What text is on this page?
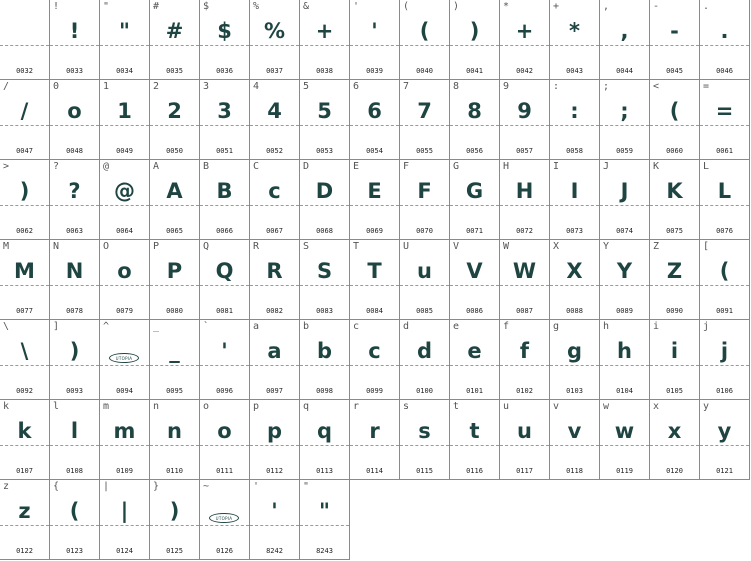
0032
!
!
0033
"
"
0034
#
#
0035
$
$
0036
%
%
0037
&
+
0038
'
'
0039
(
(
0040
)
)
0041
*
+
0042
+
*
0043
,
,
0044
-
-
0045
.
.
0046
/
/
0047
0
o
0048
1
1
0049
2
2
0050
3
3
0051
4
4
0052
5
5
0053
6
6
0054
7
7
0055
8
8
0056
9
9
0057
:
:
0058
;
;
0059
<
(
0060
=
=
0061
>
)
0062
?
?
0063
@
@
0064
A
A
0065
B
B
0066
C
c
0067
D
D
0068
E
E
0069
F
F
0070
G
G
0071
H
H
0072
I
I
0073
J
J
0074
K
K
0075
L
L
0076
M
M
0077
N
N
0078
O
o
0079
P
P
0080
Q
Q
0081
R
R
0082
S
S
0083
T
T
0084
U
u
0085
V
V
0086
W
W
0087
X
X
0088
Y
Y
0089
Z
Z
0090
[
(
0091
\
\
0092
]
)
0093
^
UTOPIA
0094
_
_
0095
`
'
0096
a
a
0097
b
b
0098
c
c
0099
d
d
0100
e
e
0101
f
f
0102
g
g
0103
h
h
0104
i
i
0105
j
j
0106
k
k
0107
l
l
0108
m
m
0109
n
n
0110
o
o
0111
p
p
0112
q
q
0113
r
r
0114
s
s
0115
t
t
0116
u
u
0117
v
v
0118
w
w
0119
x
x
0120
y
y
0121
z
z
0122
{
(
0123
|
|
0124
}
)
0125
~
UTOPIA
0126
'
'
8242
"
"
8243
